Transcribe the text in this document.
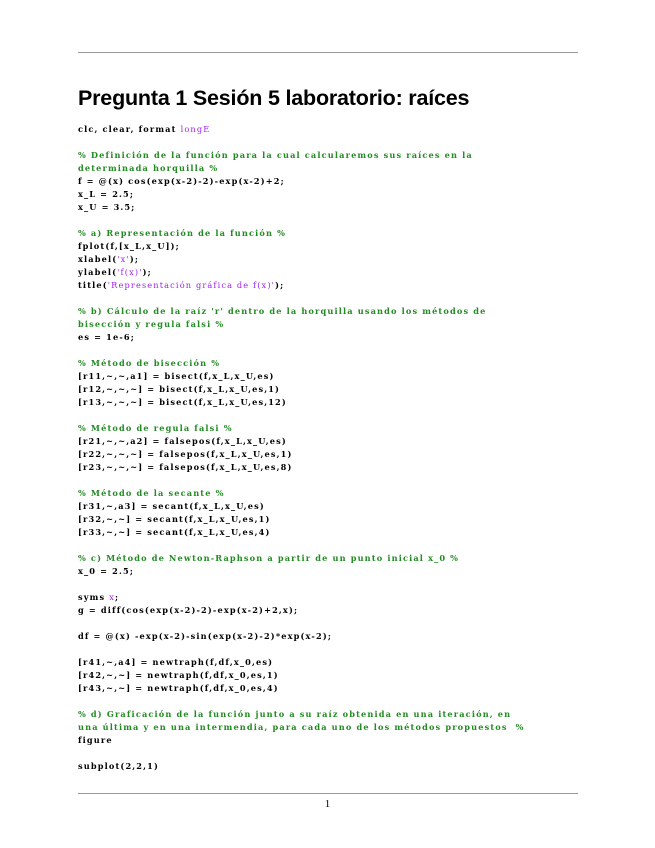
Pregunta 1 Sesión 5 laboratorio: raíces
clc, clear, format longE
% Definición de la función para la cual calcularemos sus raíces en la
determinada horquilla %
f = @(x) cos(exp(x-2)-2)-exp(x-2)+2;
x_L = 2.5;
x_U = 3.5;
% a) Representación de la función %
fplot(f,[x_L,x_U]);
xlabel('x');
ylabel('f(x)');
title('Representación gráfica de f(x)');
% b) Cálculo de la raíz 'r' dentro de la horquilla usando los métodos de
bisección y regula falsi %
es = 1e-6;
% Método de bisección %
[r11,~,~,a1] = bisect(f,x_L,x_U,es)
[r12,~,~,~] = bisect(f,x_L,x_U,es,1)
[r13,~,~,~] = bisect(f,x_L,x_U,es,12)
% Método de regula falsi %
[r21,~,~,a2] = falsepos(f,x_L,x_U,es)
[r22,~,~,~] = falsepos(f,x_L,x_U,es,1)
[r23,~,~,~] = falsepos(f,x_L,x_U,es,8)
% Método de la secante %
[r31,~,a3] = secant(f,x_L,x_U,es)
[r32,~,~] = secant(f,x_L,x_U,es,1)
[r33,~,~] = secant(f,x_L,x_U,es,4)
% c) Método de Newton-Raphson a partir de un punto inicial x_0 %
x_0 = 2.5;
syms x;
g = diff(cos(exp(x-2)-2)-exp(x-2)+2,x);
df = @(x) -exp(x-2)-sin(exp(x-2)-2)*exp(x-2);
[r41,~,a4] = newtraph(f,df,x_0,es)
[r42,~,~] = newtraph(f,df,x_0,es,1)
[r43,~,~] = newtraph(f,df,x_0,es,4)
% d) Graficación de la función junto a su raíz obtenida en una iteración, en
una última y en una intermendia, para cada uno de los métodos propuestos  %
figure
subplot(2,2,1)
1
